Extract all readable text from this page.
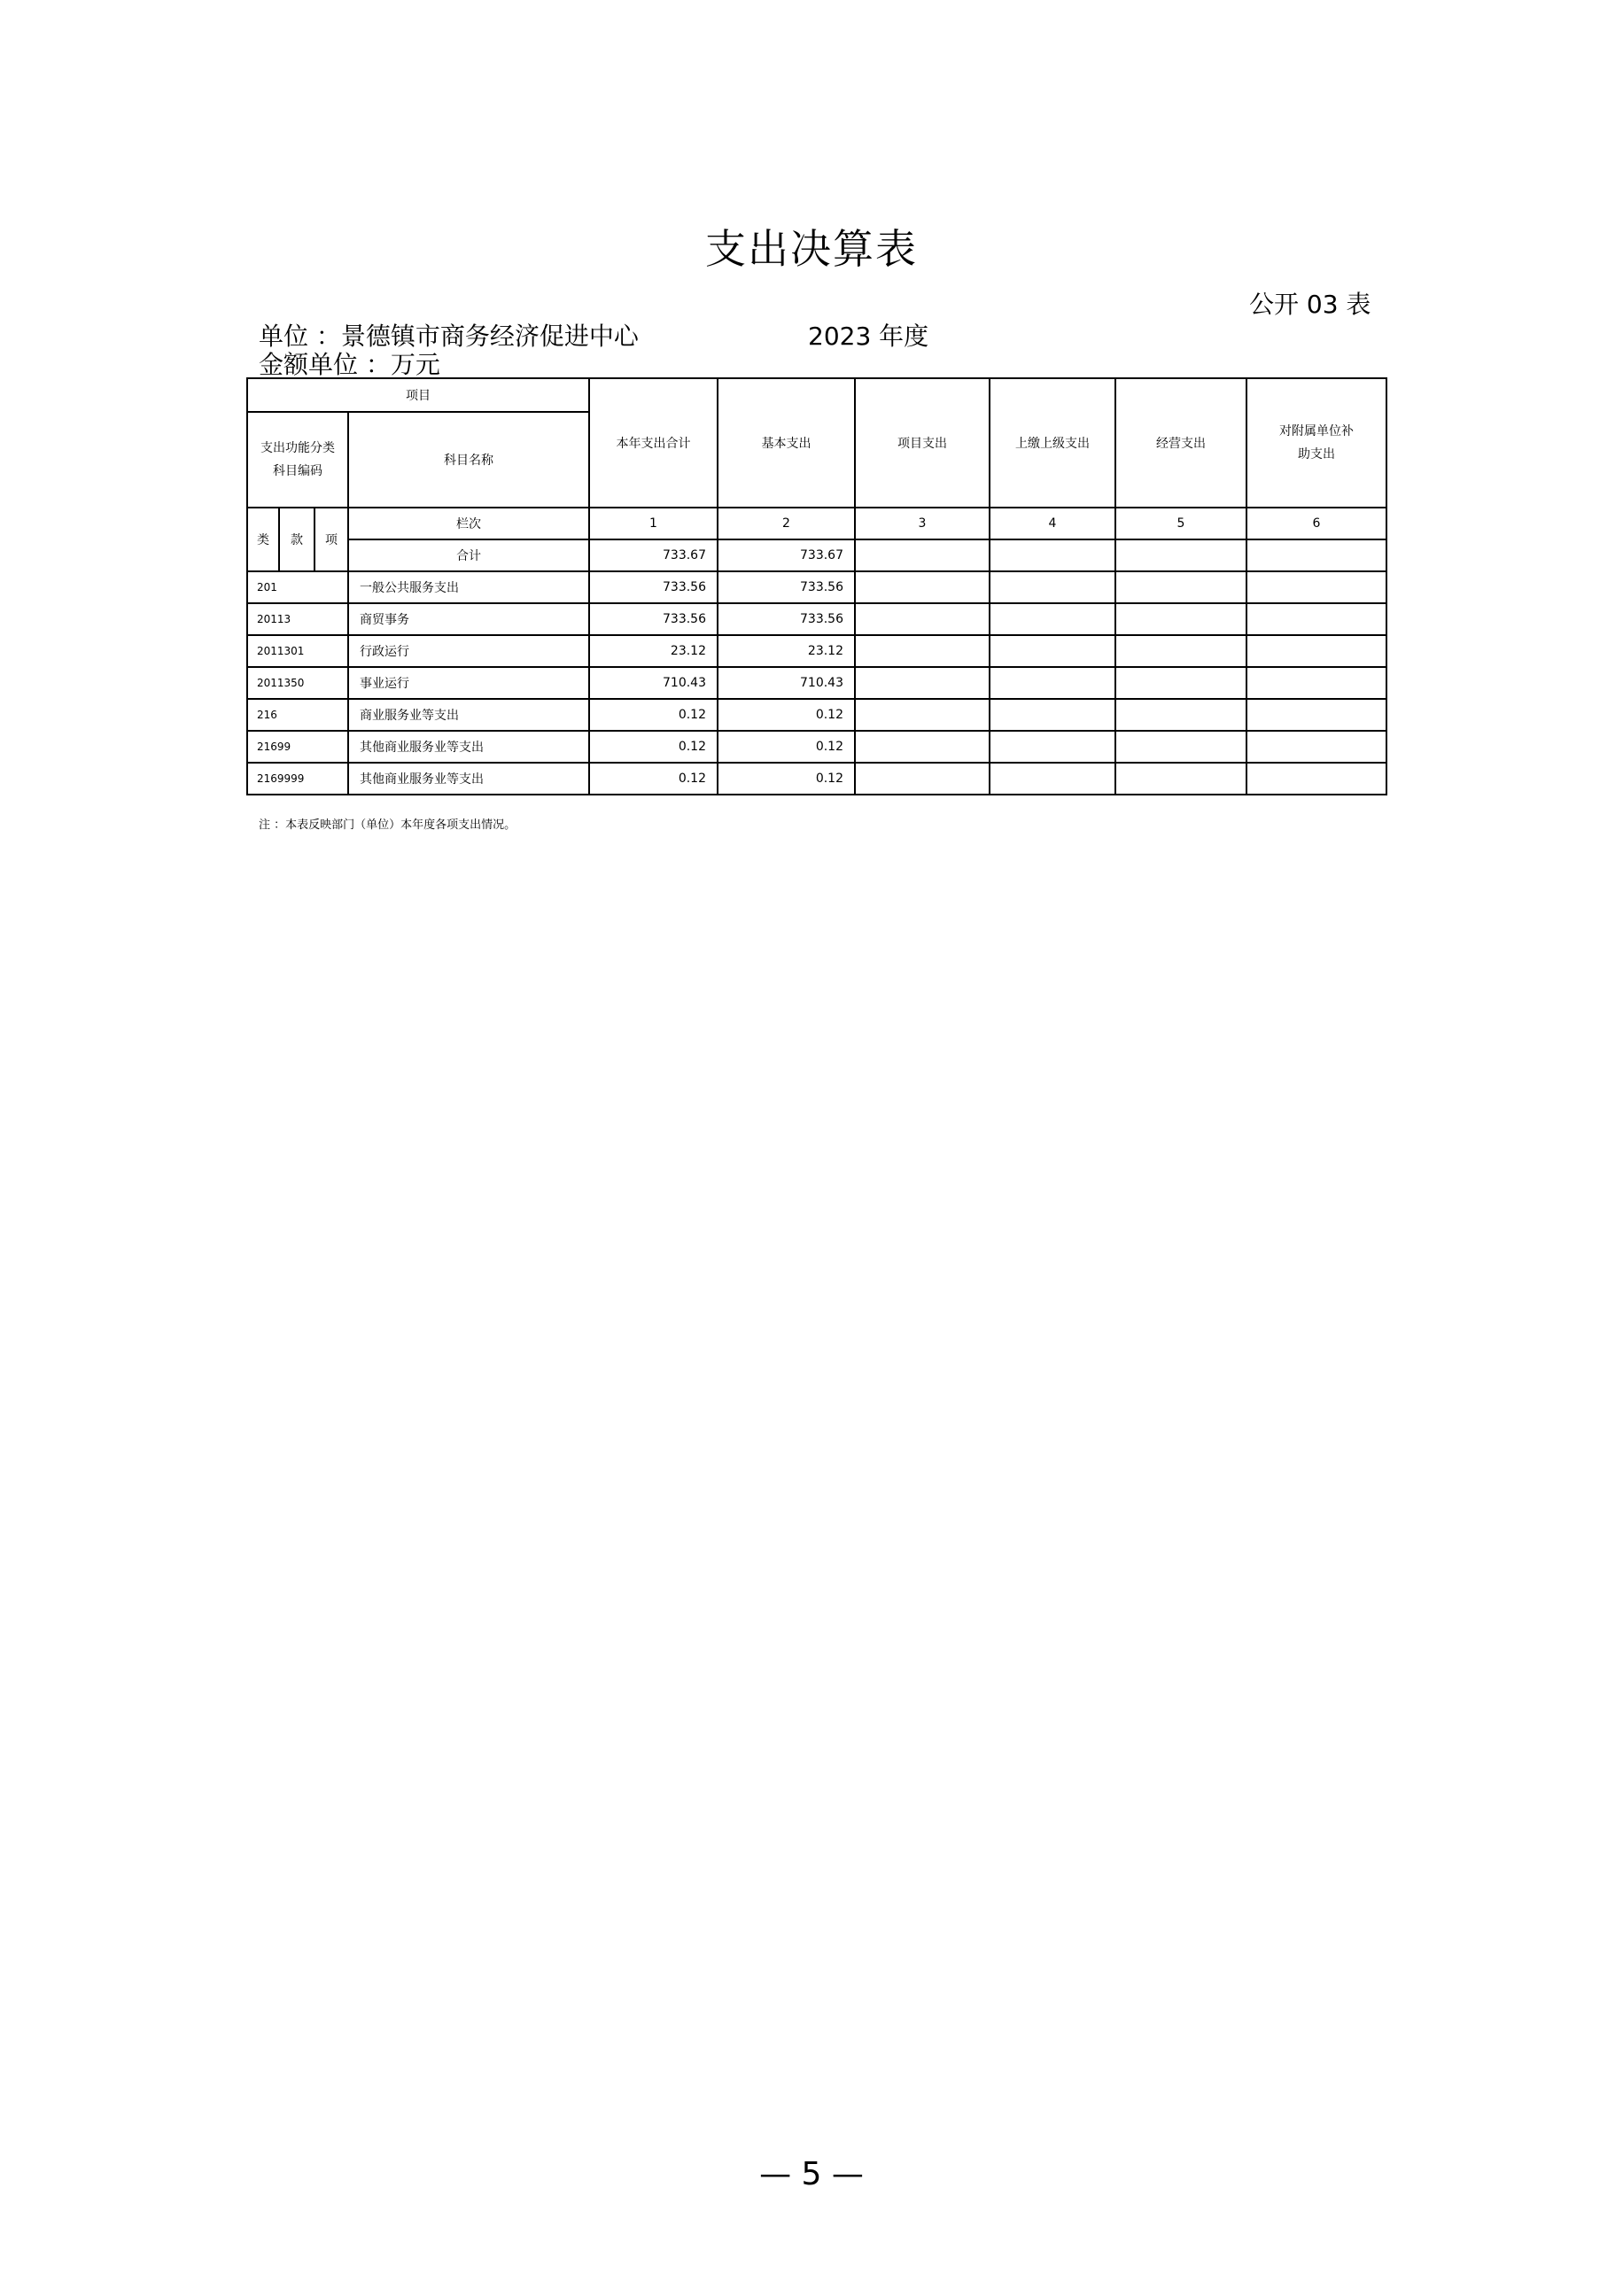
支出决算表
公开 03 表
单位 ：景德镇市商务经济促进中心	2023 年度
金额单位 ：万元
项目				本年支出合计	基本支出	项目支出	上缴上级支出	经营支出	对附属单位补
助支出

支出功能分类
科目编码			科目名称						
类	款	项	栏次	1	2	3	4	5	6
			合计	733.67	733.67				
201			一般公共服务支出	733.56	733.56				
20113			商贸事务	733.56	733.56				
2011301			行政运行	23.12	23.12				
2011350			事业运行	710.43	710.43				
216			商业服务业等支出	0.12	0.12				
21699			其他商业服务业等支出	0.12	0.12				
2169999			其他商业服务业等支出	0.12	0.12				
注 ：本表反映部门（单位）本年度各项支出情况。
— 5 —
